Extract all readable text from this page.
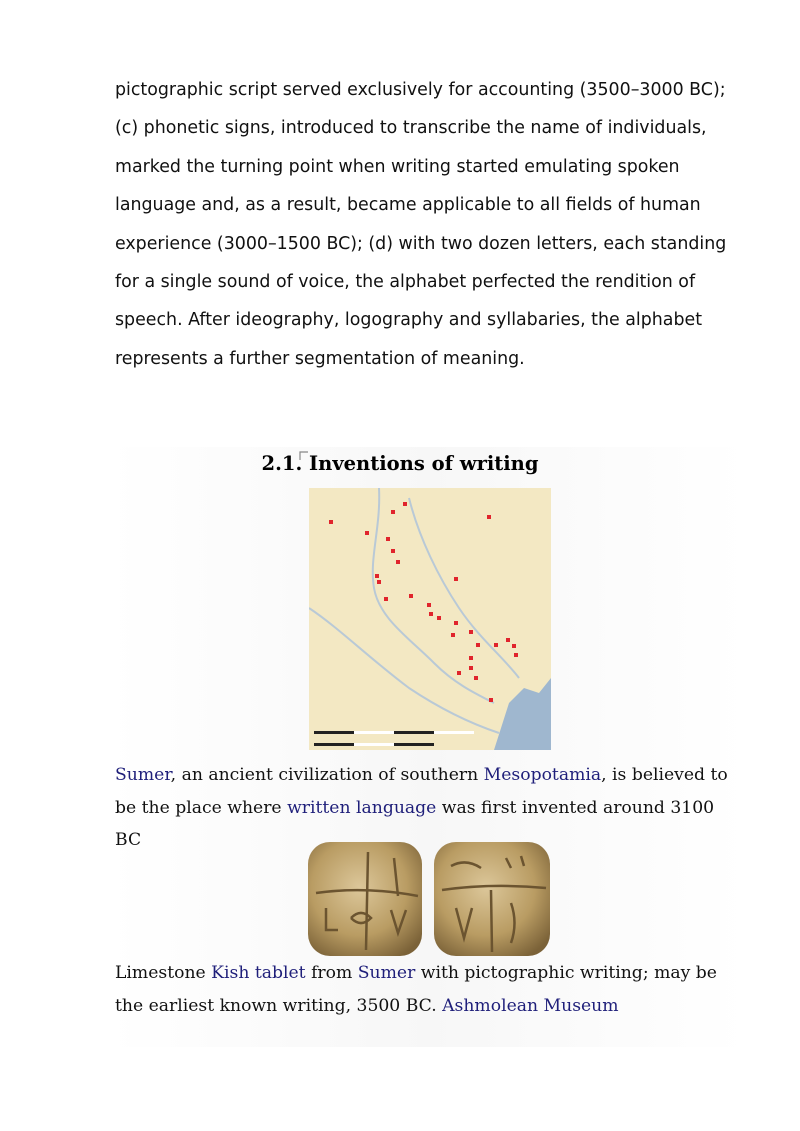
pictographic script served exclusively for accounting (3500–3000 BC); (c) phonetic signs, introduced to transcribe the name of individuals, marked the turning point when writing started emulating spoken language and, as a result, became applicable to all fields of human experience (3000–1500 BC); (d) with two dozen letters, each standing for a single sound of voice, the alphabet perfected the rendition of speech. After ideography, logography and syllabaries, the alphabet represents a further segmentation of meaning.

2.1. Inventions of writing

Sumer, an ancient civilization of southern Mesopotamia, is believed to be the place where written language was first invented around 3100 BC

Limestone Kish tablet from Sumer with pictographic writing; may be the earliest known writing, 3500 BC. Ashmolean Museum
